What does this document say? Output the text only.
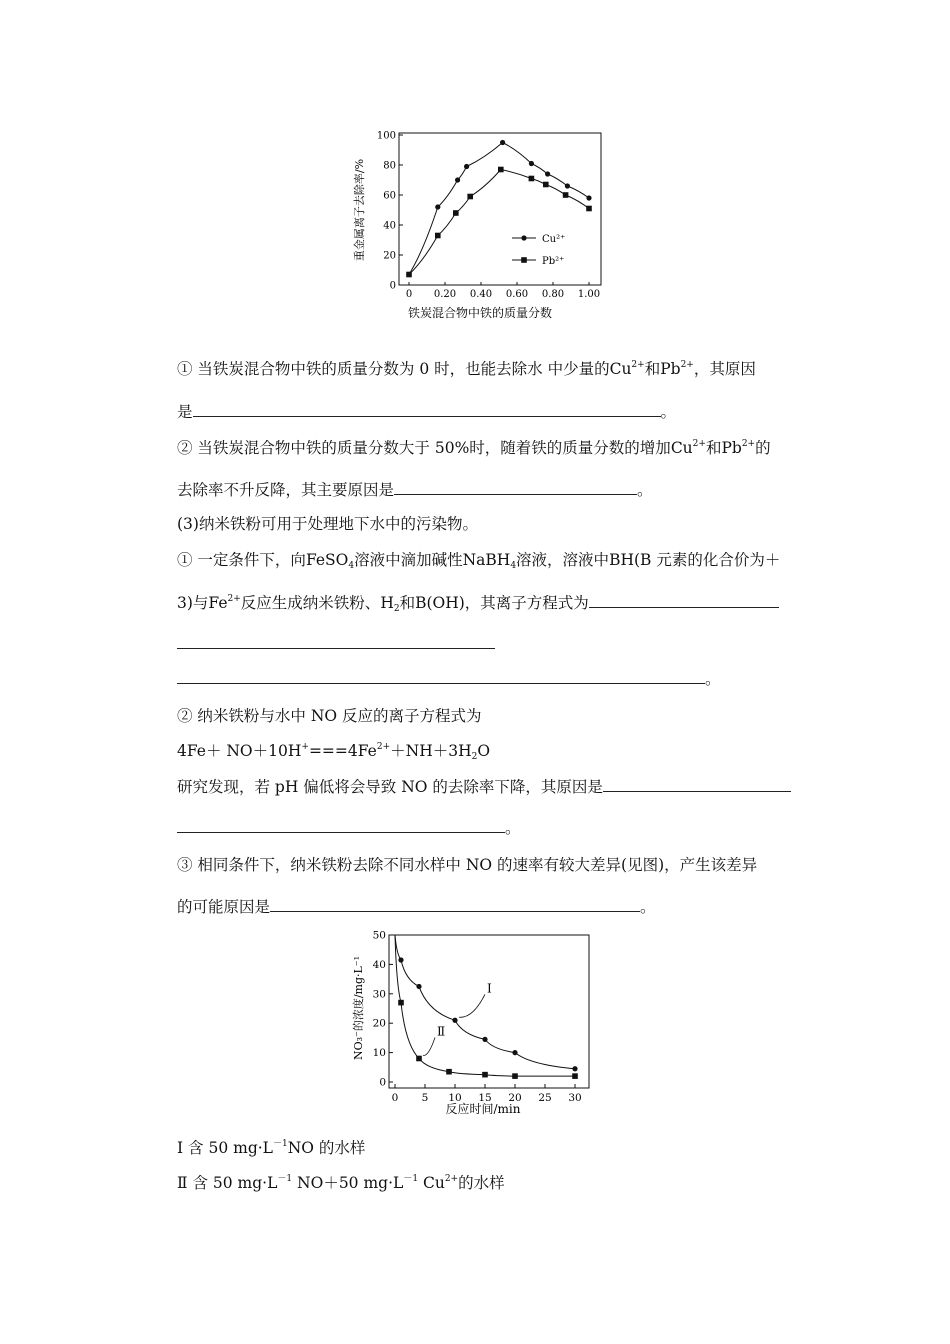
0 0.20 0.40 0.60 0.80 1.00
0
20
40
60
80
100
Cu²⁺
Pb²⁺
铁炭混合物中铁的质量分数
重金属离子去除率/%
① 当铁炭混合物中铁的质量分数为 0 时，也能去除水 中少量的$Cu^{2+}$和$Pb^{2+}$，其原因
是	。
② 当铁炭混合物中铁的质量分数大于 50%时，随着铁的质量分数的增加$Cu^{2+}$和$Pb^{2+}$的
去除率不升反降，其主要原因是	。
(3)纳米铁粉可用于处理地下水中的污染物。
① 一定条件下，向FeSO$_4$溶液中滴加碱性NaBH$_4$溶液，溶液中BH(B 元素的化合价为＋
3)与$Fe^{2+}$反应生成纳米铁粉、$H_2$和B(OH)，其离子方程式为
。
② 纳米铁粉与水中 NO 反应的离子方程式为
$4Fe+ NO+10H^+===4Fe^{2+}+NH+3H_2O$
研究发现，若 pH 偏低将会导致 NO 的去除率下降，其原因是
。
③ 相同条件下，纳米铁粉去除不同水样中 NO 的速率有较大差异(见图)，产生该差异
的可能原因是	。
0 5 10 15 20 25 30
0
10
20
30
40
50
Ⅰ
Ⅱ
反应时间/min
NO₃⁻的浓度/mg·L⁻¹
Ⅰ 含 50 $mg\cdot L^{-1}NO$ 的水样
Ⅱ 含 50 $mg\cdot L^{-1}$ NO＋50 $mg\cdot L^{-1}$ $Cu^{2+}$的水样
